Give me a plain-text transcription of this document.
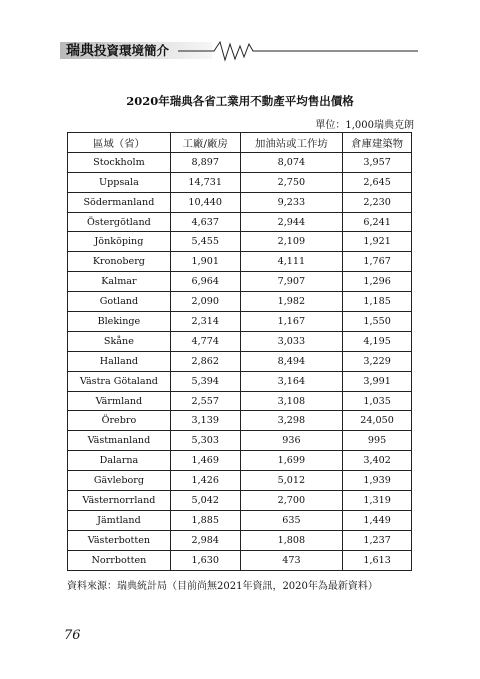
瑞典投資環境簡介
2020年瑞典各省工業用不動產平均售出價格
單位：1,000瑞典克朗
區域（省）	工廠/廠房	加油站或工作坊	倉庫建築物
Stockholm	8,897	8,074	3,957
Uppsala	14,731	2,750	2,645
Södermanland	10,440	9,233	2,230
Östergötland	4,637	2,944	6,241
Jönköping	5,455	2,109	1,921
Kronoberg	1,901	4,111	1,767
Kalmar	6,964	7,907	1,296
Gotland	2,090	1,982	1,185
Blekinge	2,314	1,167	1,550
Skåne	4,774	3,033	4,195
Halland	2,862	8,494	3,229
Västra Götaland	5,394	3,164	3,991
Värmland	2,557	3,108	1,035
Örebro	3,139	3,298	24,050
Västmanland	5,303	936	995
Dalarna	1,469	1,699	3,402
Gävleborg	1,426	5,012	1,939
Västernorrland	5,042	2,700	1,319
Jämtland	1,885	635	1,449
Västerbotten	2,984	1,808	1,237
Norrbotten	1,630	473	1,613
資料來源：瑞典統計局（目前尚無2021年資訊，2020年為最新資料）
76
